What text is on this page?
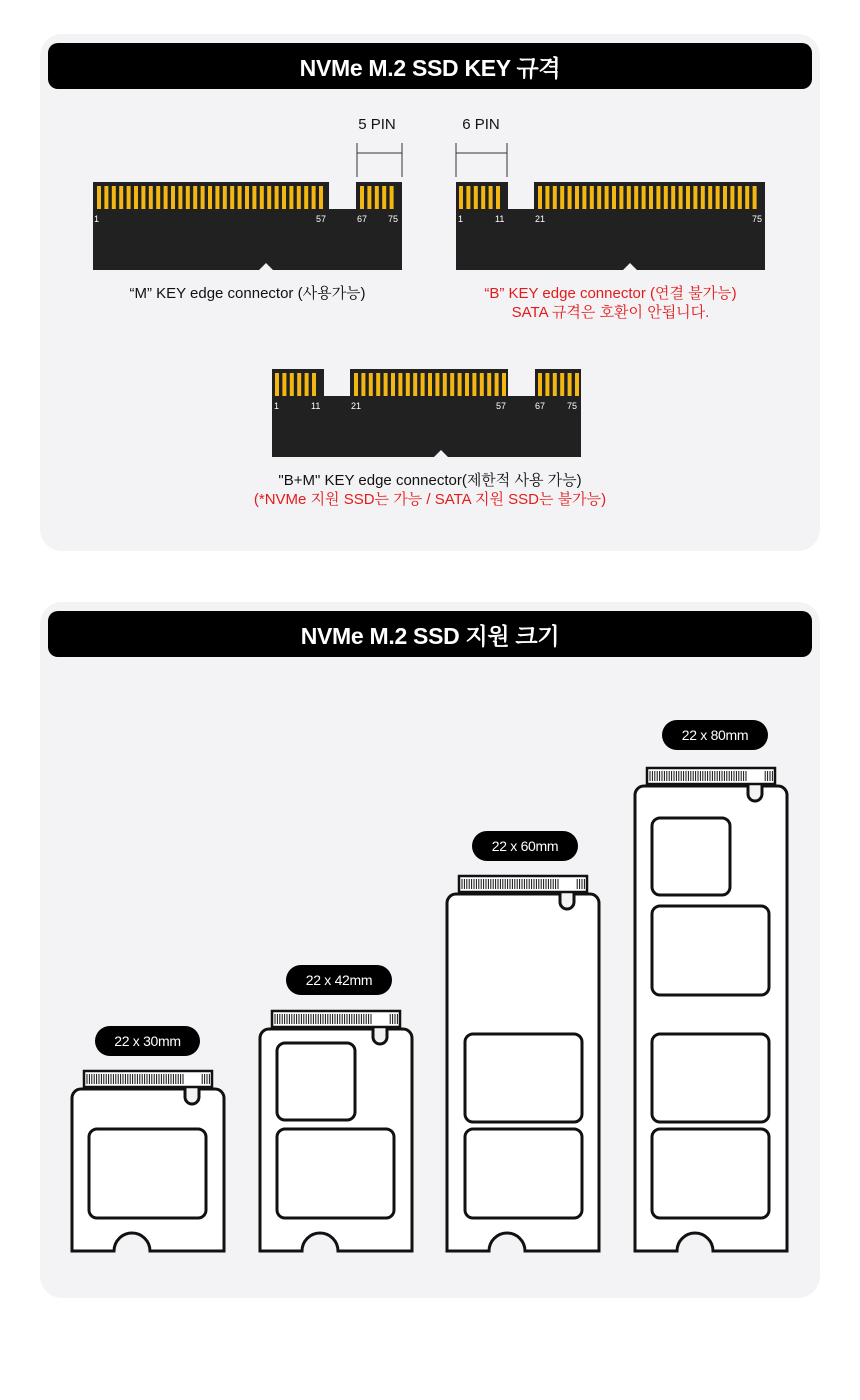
NVMe M.2 SSD KEY 규격
5 PIN
1	57	67 75
“M” KEY edge connector (사용가능)
6 PIN
1	11	21	75
“B” KEY edge connector (연결 불가능)
SATA 규격은 호환이 안됩니다.
1	11	21	57	67 75
"B+M" KEY edge connector(제한적 사용 가능)
(*NVMe 지원 SSD는 가능 / SATA 지원 SSD는 불가능)
NVMe M.2 SSD 지원 크기
22 x 30mm
22 x 42mm
22 x 60mm
22 x 80mm
